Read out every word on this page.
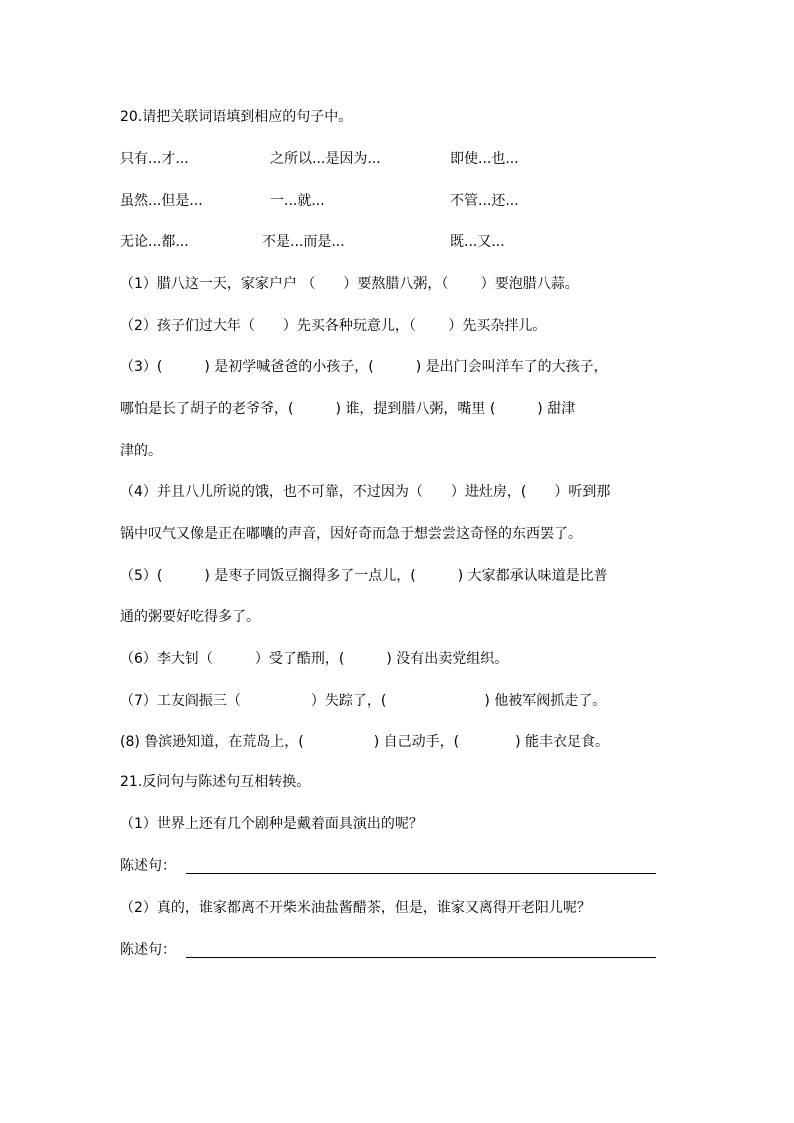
20.请把关联词语填到相应的句子中。
只有...才...	之所以...是因为...	即使...也...
虽然...但是...	一...就...	不管...还...
无论...都...	不是...而是...	既...又...
（1）腊八这一天，家家户户 （　　）要熬腊八粥，（　　 ）要泡腊八蒜。
（2）孩子们过大年（　　）先买各种玩意儿，（　　 ）先买杂拌儿。
（3）(　　　) 是初学喊爸爸的小孩子，(　　　) 是出门会叫洋车了的大孩子，
哪怕是长了胡子的老爷爷，(　　　) 谁，提到腊八粥，嘴里 (　　　) 甜津
津的。
（4）并且八儿所说的饿，也不可靠，不过因为（　　）进灶房，(　　）听到那
锅中叹气又像是正在嘟囔的声音，因好奇而急于想尝尝这奇怪的东西罢了。
（5）(　　　) 是枣子同饭豆搁得多了一点儿，(　　　) 大家都承认味道是比普
通的粥要好吃得多了。
（6）李大钊（　　　）受了酷刑，(　　　) 没有出卖党组织。
（7）工友阎振三（　　　　　）失踪了，(　　　　　　　) 他被军阀抓走了。
(8) 鲁滨逊知道，在荒岛上，(　　　　　) 自己动手，(　　　　) 能丰衣足食。
21.反问句与陈述句互相转换。
（1）世界上还有几个剧种是戴着面具演出的呢？
陈述句：
（2）真的，谁家都离不开柴米油盐酱醋茶，但是，谁家又离得开老阳儿呢？
陈述句：
